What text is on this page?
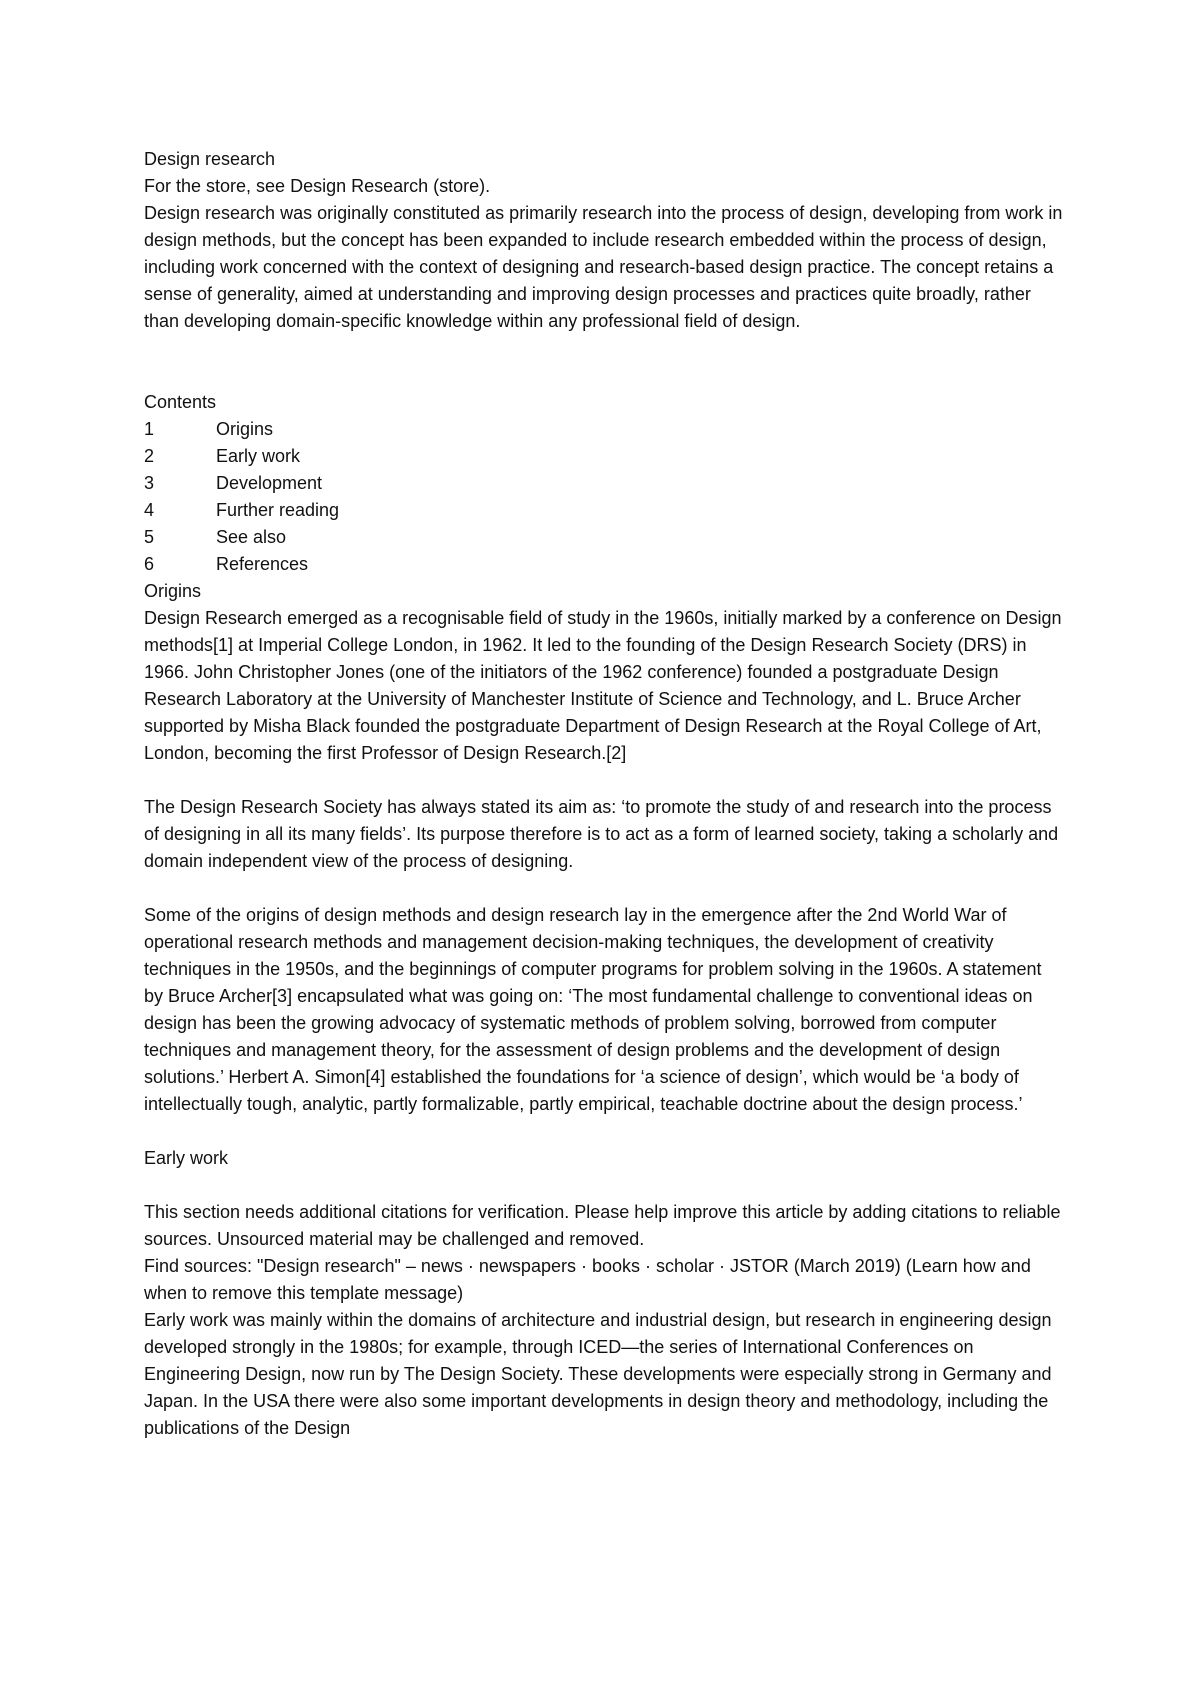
Design research

For the store, see Design Research (store).

Design research was originally constituted as primarily research into the process of design, developing from work in design methods, but the concept has been expanded to include research embedded within the process of design, including work concerned with the context of designing and research-based design practice. The concept retains a sense of generality, aimed at understanding and improving design processes and practices quite broadly, rather than developing domain-specific knowledge within any professional field of design.

Contents

1	Origins
2	Early work
3	Development
4	Further reading
5	See also
6	References

Origins

Design Research emerged as a recognisable field of study in the 1960s, initially marked by a conference on Design methods[1] at Imperial College London, in 1962. It led to the founding of the Design Research Society (DRS) in 1966. John Christopher Jones (one of the initiators of the 1962 conference) founded a postgraduate Design Research Laboratory at the University of Manchester Institute of Science and Technology, and L. Bruce Archer supported by Misha Black founded the postgraduate Department of Design Research at the Royal College of Art, London, becoming the first Professor of Design Research.[2]

The Design Research Society has always stated its aim as: ‘to promote the study of and research into the process of designing in all its many fields’. Its purpose therefore is to act as a form of learned society, taking a scholarly and domain independent view of the process of designing.

Some of the origins of design methods and design research lay in the emergence after the 2nd World War of operational research methods and management decision-making techniques, the development of creativity techniques in the 1950s, and the beginnings of computer programs for problem solving in the 1960s. A statement by Bruce Archer[3] encapsulated what was going on: ‘The most fundamental challenge to conventional ideas on design has been the growing advocacy of systematic methods of problem solving, borrowed from computer techniques and management theory, for the assessment of design problems and the development of design solutions.’ Herbert A. Simon[4] established the foundations for ‘a science of design’, which would be ‘a body of intellectually tough, analytic, partly formalizable, partly empirical, teachable doctrine about the design process.’

Early work

This section needs additional citations for verification. Please help improve this article by adding citations to reliable sources. Unsourced material may be challenged and removed.

Find sources: "Design research" – news · newspapers · books · scholar · JSTOR (March 2019) (Learn how and when to remove this template message)

Early work was mainly within the domains of architecture and industrial design, but research in engineering design developed strongly in the 1980s; for example, through ICED—the series of International Conferences on Engineering Design, now run by The Design Society. These developments were especially strong in Germany and Japan. In the USA there were also some important developments in design theory and methodology, including the publications of the Design
